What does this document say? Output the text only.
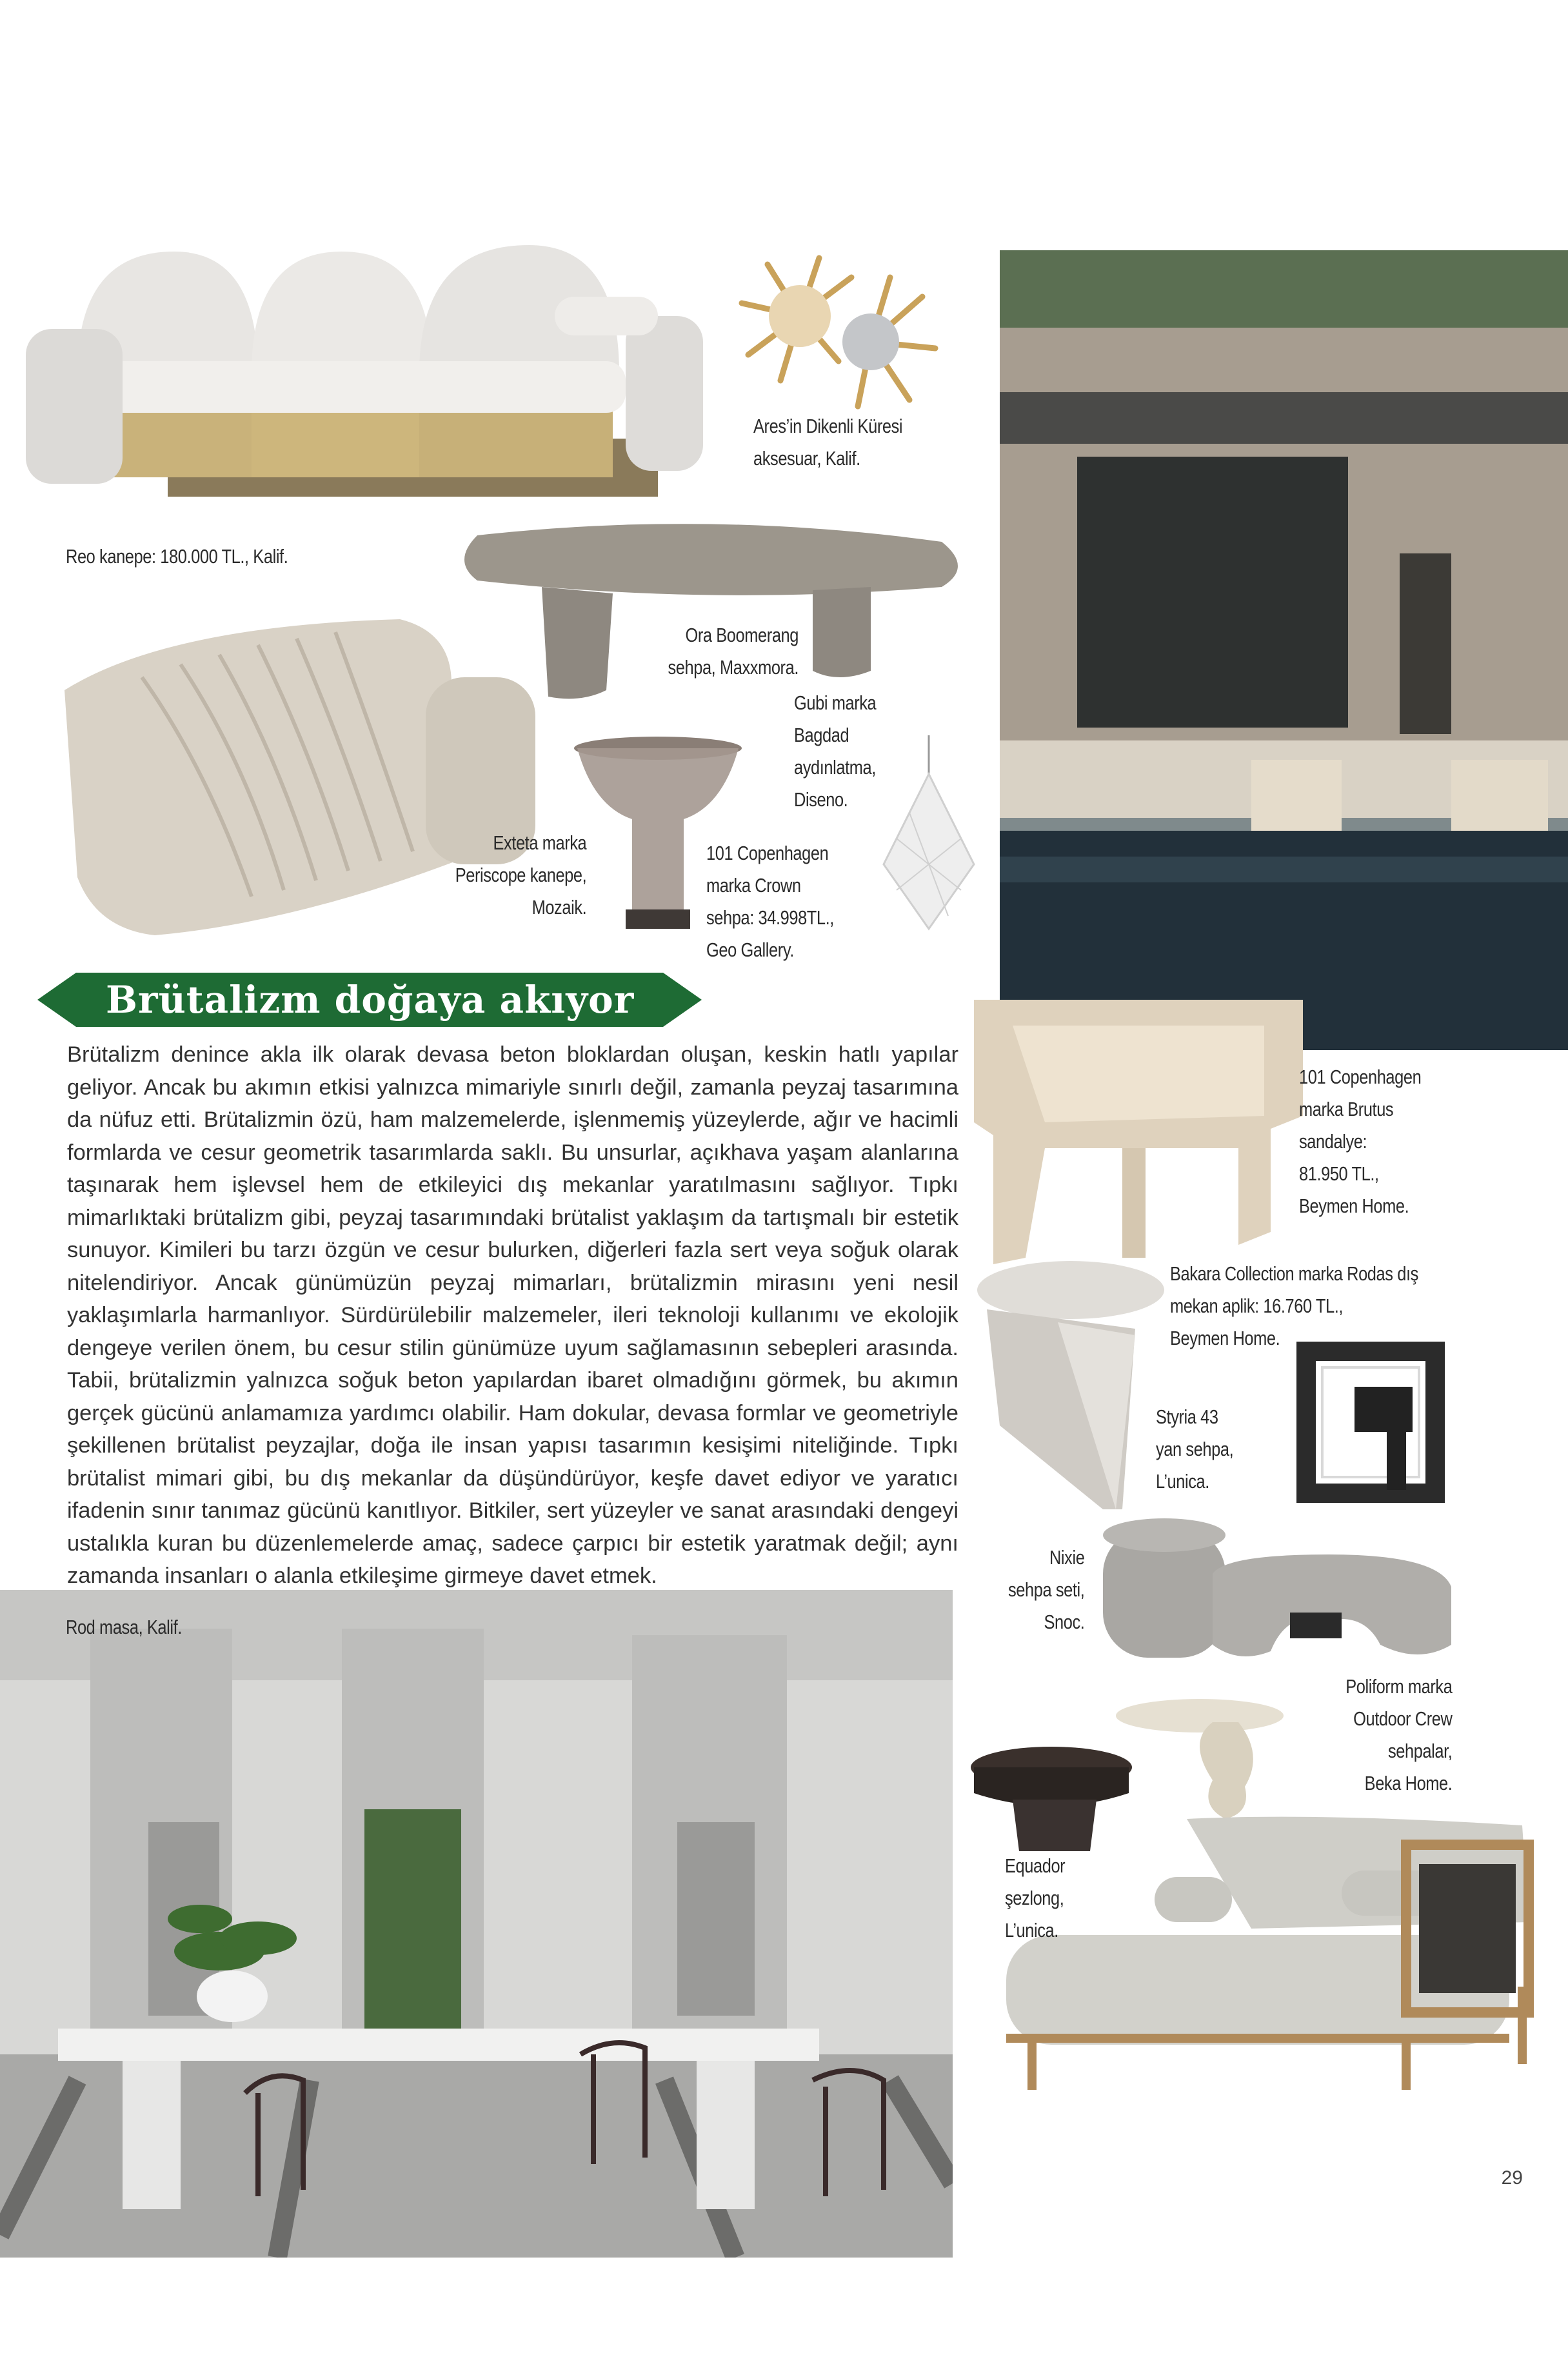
Brütalizm doğaya akıyor
Brütalizm denince akla ilk olarak devasa beton bloklardan oluşan, keskin hatlı yapılar geliyor. Ancak bu akımın etkisi yalnızca mimariyle sınırlı değil, zamanla peyzaj tasarımına da nüfuz etti. Brütalizmin özü, ham malzemelerde, işlenmemiş yüzeylerde, ağır ve hacimli formlarda ve cesur geometrik tasarımlarda saklı. Bu unsurlar, açıkhava yaşam alanlarına taşınarak hem işlevsel hem de etkileyici dış mekanlar yaratılmasını sağlıyor. Tıpkı mimarlıktaki brütalizm gibi, peyzaj tasarımındaki brütalist yaklaşım da tartışmalı bir estetik sunuyor. Kimileri bu tarzı özgün ve cesur bulurken, diğerleri fazla sert veya soğuk olarak nitelendiriyor. Ancak günümüzün peyzaj mimarları, brütalizmin mirasını yeni nesil yaklaşımlarla harmanlıyor. Sürdürülebilir malzemeler, ileri teknoloji kullanımı ve ekolojik dengeye verilen önem, bu cesur stilin günümüze uyum sağlamasının sebepleri arasında. Tabii, brütalizmin yalnızca soğuk beton yapılardan ibaret olmadığını görmek, bu akımın gerçek gücünü anlamamıza yardımcı olabilir. Ham dokular, devasa formlar ve geometriyle şekillenen brütalist peyzajlar, doğa ile insan yapısı tasarımın kesişimi niteliğinde. Tıpkı brütalist mimari gibi, bu dış mekanlar da düşündürüyor, keşfe davet ediyor ve yaratıcı ifadenin sınır tanımaz gücünü kanıtlıyor. Bitkiler, sert yüzeyler ve sanat arasındaki dengeyi ustalıkla kuran bu düzenlemelerde amaç, sadece çarpıcı bir estetik yaratmak değil; aynı zamanda insanları o alanla etkileşime girmeye davet etmek.
Ares’in Dikenli Küresi
aksesuar, Kalif.
Reo kanepe: 180.000 TL., Kalif.
Ora Boomerang
sehpa, Maxxmora.
Gubi marka
Bagdad
aydınlatma,
Diseno.
Exteta marka
Periscope kanepe,
Mozaik.
101 Copenhagen
marka Crown
sehpa: 34.998TL.,
Geo Gallery.
101 Copenhagen
marka Brutus
sandalye:
81.950 TL.,
Beymen Home.
Bakara Collection marka Rodas dış
mekan aplik: 16.760 TL.,
Beymen Home.
Styria 43
yan sehpa,
L’unica.
Nixie
sehpa seti,
Snoc.
Rod masa, Kalif.
Poliform marka
Outdoor Crew
sehpalar,
Beka Home.
Equador
şezlong,
L’unica.
29
